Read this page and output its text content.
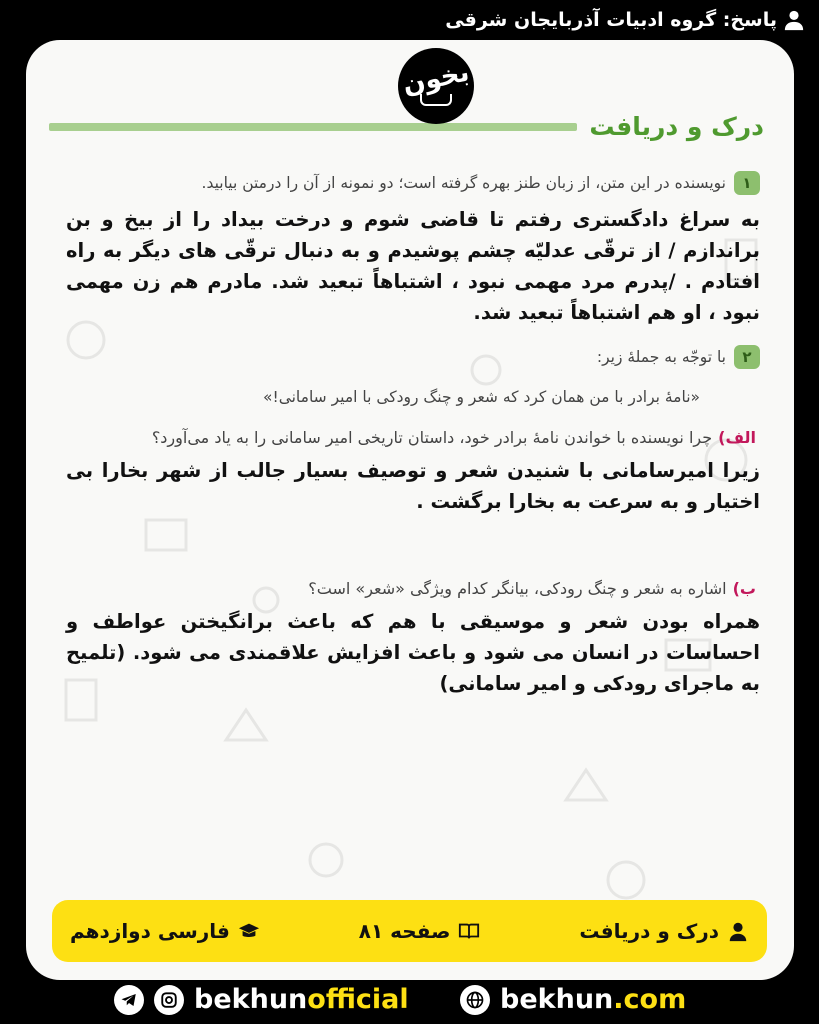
پاسخ: گروه ادبیات آذربایجان شرقی
بخون
درک و دریافت
۱
نویسنده در این متن، از زبان طنز بهره گرفته است؛ دو نمونه از آن را درمتن بیابید.
به سراغ دادگستری رفتم تا قاضی شوم و درخت بیداد را از بیخ و بن براندازم / از ترقّی عدلیّه چشم پوشیدم و به دنبال ترقّی های دیگر به راه افتادم . /پدرم مرد مهمی نبود ، اشتباهاً تبعید شد. مادرم هم زن مهمی نبود ، او هم اشتباهاً تبعید شد.
۲
با توجّه به جملهٔ زیر:
«نامهٔ برادر با من همان کرد که شعر و چنگ رودکی با امیر سامانی!»
الف)
چرا نویسنده با خواندن نامهٔ برادر خود، داستان تاریخی امیر سامانی را به یاد می‌آورد؟
زیرا امیرسامانی با شنیدن شعر و توصیف بسیار جالب از شهر بخارا بی اختیار و به سرعت به بخارا برگشت .
ب)
اشاره به شعر و چنگ رودکی، بیانگر کدام ویژگی «شعر» است؟
همراه بودن شعر و موسیقی با هم که باعث برانگیختن عواطف و احساسات در انسان می شود و باعث افزایش علاقمندی می شود. (تلمیح به ماجرای رودکی و امیر سامانی)
درک و دریافت
صفحه ۸۱
فارسی دوازدهم
bekhunofficial	bekhun.com
